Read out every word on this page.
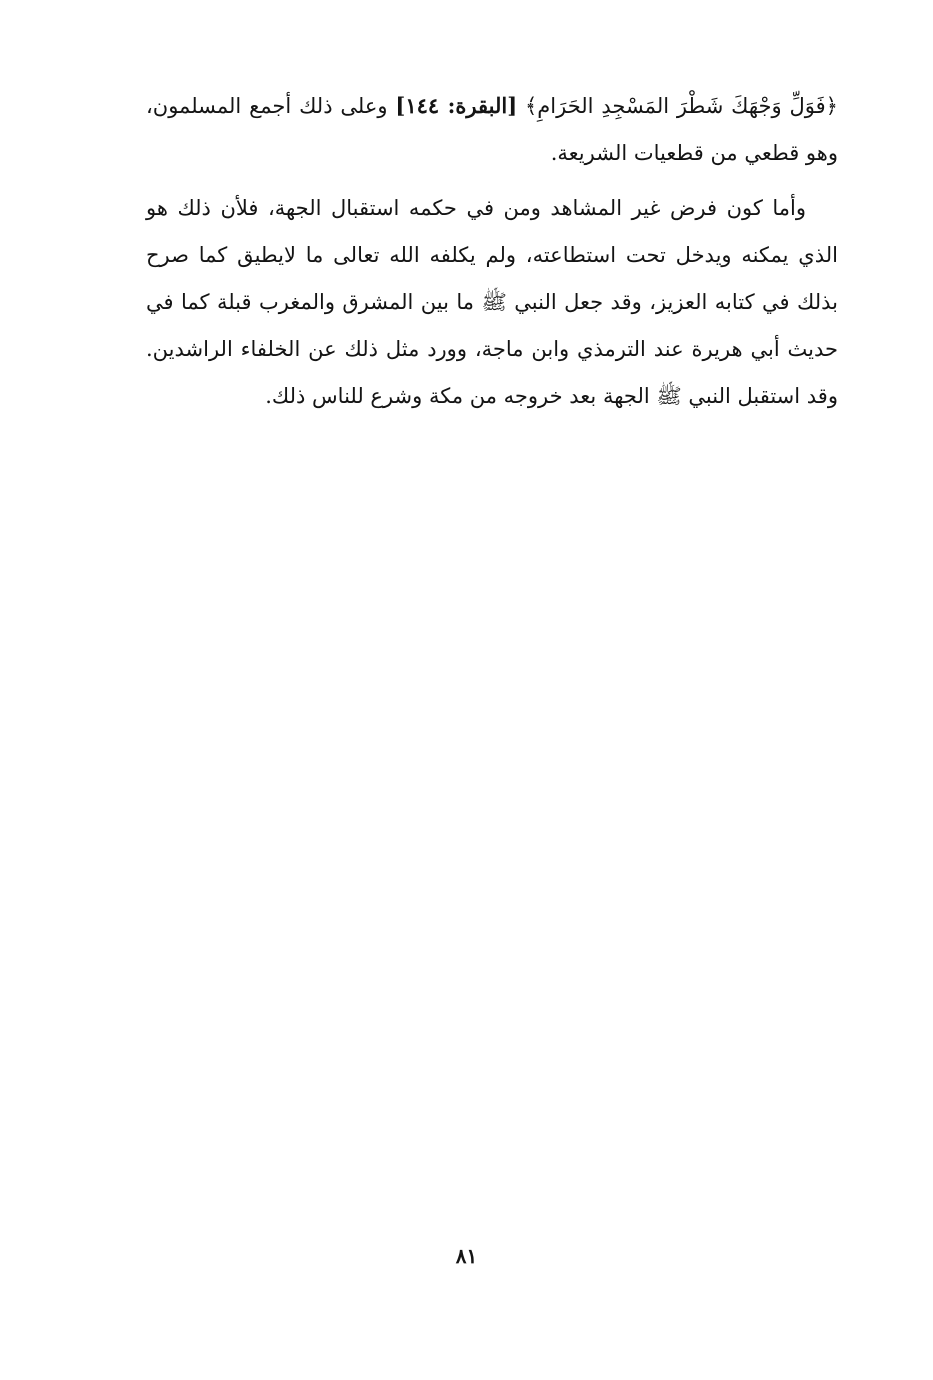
﴿فَوَلِّ وَجْهَكَ شَطْرَ المَسْجِدِ الحَرَامِ﴾ [البقرة: ١٤٤] وعلى ذلك أجمع المسلمون، وهو قطعي من قطعيات الشريعة.

وأما كون فرض غير المشاهد ومن في حكمه استقبال الجهة، فلأن ذلك هو الذي يمكنه ويدخل تحت استطاعته، ولم يكلفه الله تعالى ما لايطيق كما صرح بذلك في كتابه العزيز، وقد جعل النبي ﷺ ما بين المشرق والمغرب قبلة كما في حديث أبي هريرة عند الترمذي وابن ماجة، وورد مثل ذلك عن الخلفاء الراشدين. وقد استقبل النبي ﷺ الجهة بعد خروجه من مكة وشرع للناس ذلك.

٨١
